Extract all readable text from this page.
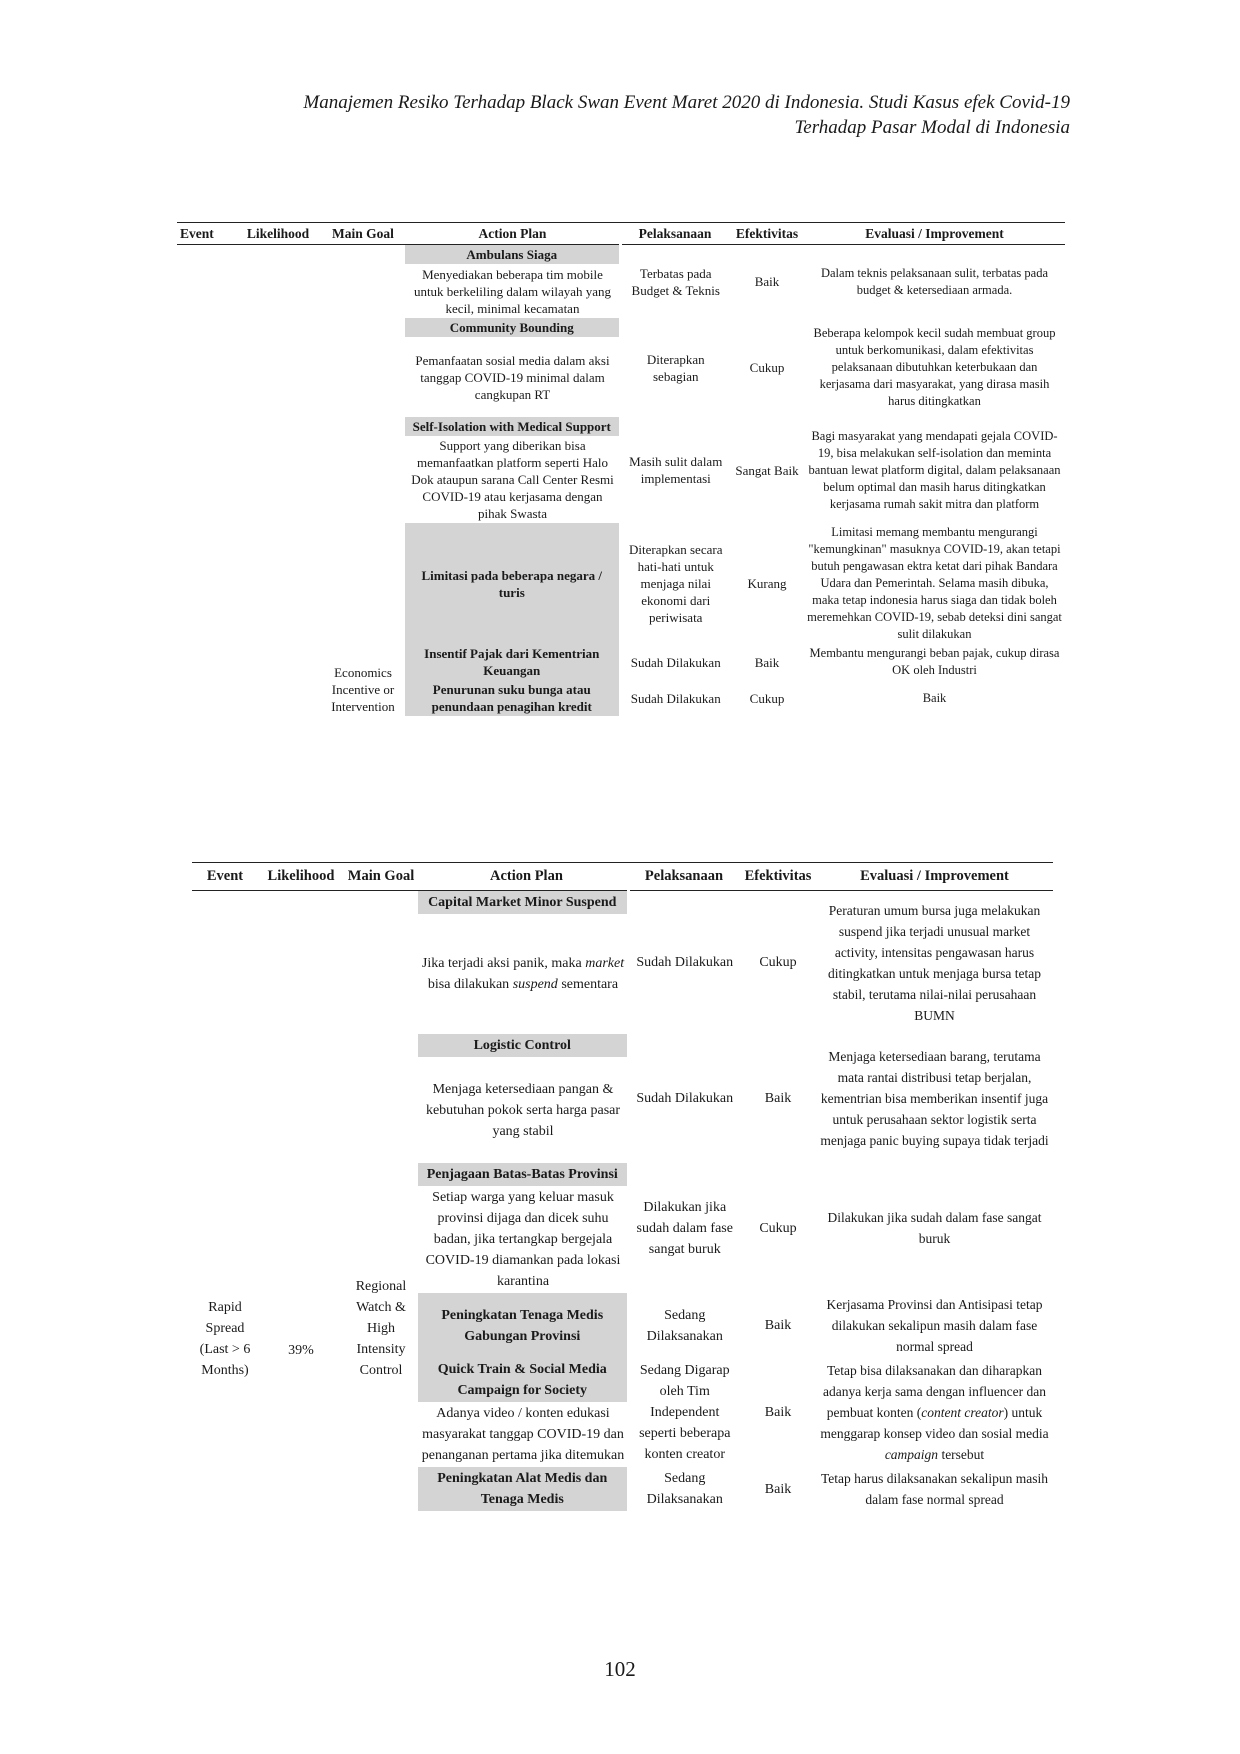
Manajemen Resiko Terhadap Black Swan Event Maret 2020 di Indonesia. Studi Kasus efek Covid-19
Terhadap Pasar Modal di Indonesia
Event	Likelihood	Main Goal	Action Plan	Pelaksanaan	Efektivitas	Evaluasi / Improvement	
			Ambulans Siaga	Terbatas pada Budget & Teknis	Baik	Dalam teknis pelaksanaan sulit, terbatas pada budget & ketersediaan armada.	
			Menyediakan beberapa tim mobile untuk berkeliling dalam wilayah yang kecil, minimal kecamatan				
			Community Bounding	Diterapkan sebagian	Cukup	Beberapa kelompok kecil sudah membuat group untuk berkomunikasi, dalam efektivitas pelaksanaan dibutuhkan keterbukaan dan kerjasama dari masyarakat, yang dirasa masih harus ditingkatkan	
			Pemanfaatan sosial media dalam aksi tanggap COVID-19 minimal dalam cangkupan RT				
			Self-Isolation with Medical Support	Masih sulit dalam implementasi	Sangat Baik	Bagi masyarakat yang mendapati gejala COVID-19, bisa melakukan self-isolation dan meminta bantuan lewat platform digital, dalam pelaksanaan belum optimal dan masih harus ditingkatkan kerjasama rumah sakit mitra dan platform	
			Support yang diberikan bisa memanfaatkan platform seperti Halo Dok ataupun sarana Call Center Resmi COVID-19 atau kerjasama dengan pihak Swasta				
			Limitasi pada beberapa negara / turis	Diterapkan secara hati-hati untuk menjaga nilai ekonomi dari periwisata	Kurang	Limitasi memang membantu mengurangi "kemungkinan" masuknya COVID-19, akan tetapi butuh pengawasan ektra ketat dari pihak Bandara Udara dan Pemerintah. Selama masih dibuka, maka tetap indonesia harus siaga dan tidak boleh meremehkan COVID-19, sebab deteksi dini sangat sulit dilakukan	

		Economics Incentive or Intervention	Insentif Pajak dari Kementrian Keuangan	Sudah Dilakukan	Baik	Membantu mengurangi beban pajak, cukup dirasa OK oleh Industri	
			Penurunan suku bunga atau penundaan penagihan kredit	Sudah Dilakukan	Cukup	Baik	

Event	Likelihood	Main Goal	Action Plan	Pelaksanaan	Efektivitas	Evaluasi / Improvement
Rapid Spread (Last > 6 Months)	39%	Regional Watch & High Intensity Control	Capital Market Minor Suspend	Sudah Dilakukan	Cukup	Peraturan umum bursa juga melakukan suspend jika terjadi unusual market activity, intensitas pengawasan harus ditingkatkan untuk menjaga bursa tetap stabil, terutama nilai-nilai perusahaan BUMN
			Jika terjadi aksi panik, maka market bisa dilakukan suspend sementara			
			Logistic Control	Sudah Dilakukan	Baik	Menjaga ketersediaan barang, terutama mata rantai distribusi tetap berjalan, kementrian bisa memberikan insentif juga untuk perusahaan sektor logistik serta menjaga panic buying supaya tidak terjadi
			Menjaga ketersediaan pangan & kebutuhan pokok serta harga pasar yang stabil			
			Penjagaan Batas-Batas Provinsi	Dilakukan jika sudah dalam fase sangat buruk	Cukup	Dilakukan jika sudah dalam fase sangat buruk
			Setiap warga yang keluar masuk provinsi dijaga dan dicek suhu badan, jika tertangkap bergejala COVID-19 diamankan pada lokasi karantina			
			Peningkatan Tenaga Medis Gabungan Provinsi	Sedang Dilaksanakan	Baik	Kerjasama Provinsi dan Antisipasi tetap dilakukan sekalipun masih dalam fase normal spread
			Quick Train & Social Media Campaign for Society	Sedang Digarap oleh Tim Independent seperti beberapa konten creator	Baik	Tetap bisa dilaksanakan dan diharapkan adanya kerja sama dengan influencer dan pembuat konten (content creator) untuk menggarap konsep video dan sosial media campaign tersebut
			Adanya video / konten edukasi masyarakat tanggap COVID-19 dan penanganan pertama jika ditemukan			
			Peningkatan Alat Medis dan Tenaga Medis	Sedang Dilaksanakan	Baik	Tetap harus dilaksanakan sekalipun masih dalam fase normal spread

102
